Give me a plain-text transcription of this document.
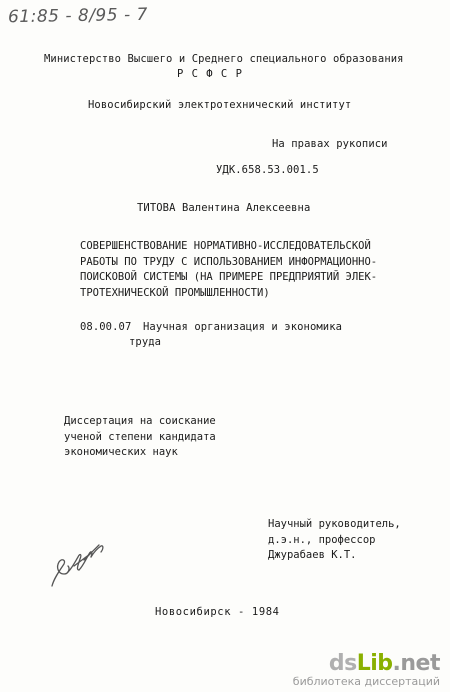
61:85 - 8/95 - 7
Министерство Высшего и Среднего специального образования
Р С Ф С Р
Новосибирский электротехнический институт
На правах рукописи
УДК.658.53.001.5
ТИТОВА Валентина Алексеевна
СОВЕРШЕНСТВОВАНИЕ НОРМАТИВНО-ИССЛЕДОВАТЕЛЬСКОЙ
РАБОТЫ ПО ТРУДУ С ИСПОЛЬЗОВАНИЕМ ИНФОРМАЦИОННО-
ПОИСКОВОЙ СИСТЕМЫ (НА ПРИМЕРЕ ПРЕДПРИЯТИЙ ЭЛЕК-
ТРОТЕХНИЧЕСКОЙ ПРОМЫШЛЕННОСТИ)
08.00.07 Научная организация и экономика
труда
Диссертация на соискание
ученой степени кандидата
экономических наук
Научный руководитель,
д.э.н., профессор
Джурабаев К.Т.
Новосибирск - 1984
dsLib.net
библиотека диссертаций
